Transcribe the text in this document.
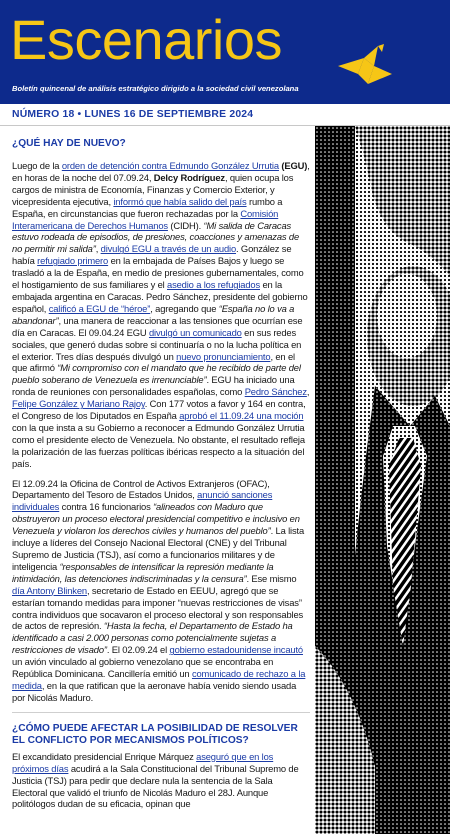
Escenarios
Boletín quincenal de análisis estratégico dirigido a la sociedad civil venezolana
NÚMERO 18 • LUNES 16 DE SEPTIEMBRE 2024
¿QUÉ HAY DE NUEVO?

Luego de la orden de detención contra Edmundo González Urrutia (EGU), en horas de la noche del 07.09.24, Delcy Rodríguez, quien ocupa los cargos de ministra de Economía, Finanzas y Comercio Exterior, y vicepresidenta ejecutiva, informó que había salido del país rumbo a España, en circunstancias que fueron rechazadas por la Comisión Interamericana de Derechos Humanos (CIDH). “Mi salida de Caracas estuvo rodeada de episodios, de presiones, coacciones y amenazas de no permitir mi salida”, divulgó EGU a través de un audio. González se había refugiado primero en la embajada de Países Bajos y luego se trasladó a la de España, en medio de presiones gubernamentales, como el hostigamiento de sus familiares y el asedio a los refugiados en la embajada argentina en Caracas. Pedro Sánchez, presidente del gobierno español, calificó a EGU de “héroe”, agregando que “España no lo va a abandonar”, una manera de reaccionar a las tensiones que ocurrían ese día en Caracas. El 09.04.24 EGU divulgó un comunicado en sus redes sociales, que generó dudas sobre si continuaría o no la lucha política en el exterior. Tres días después divulgó un nuevo pronunciamiento, en el que afirmó “Mi compromiso con el mandato que he recibido de parte del pueblo soberano de Venezuela es irrenunciable”. EGU ha iniciado una ronda de reuniones con personalidades españolas, como Pedro Sánchez, Felipe González y Mariano Rajoy. Con 177 votos a favor y 164 en contra, el Congreso de los Diputados en España aprobó el 11.09.24 una moción con la que insta a su Gobierno a reconocer a Edmundo González Urrutia como el presidente electo de Venezuela. No obstante, el resultado refleja la polarización de las fuerzas políticas ibéricas respecto a la situación del país.

El 12.09.24 la Oficina de Control de Activos Extranjeros (OFAC), Departamento del Tesoro de Estados Unidos, anunció sanciones individuales contra 16 funcionarios “alineados con Maduro que obstruyeron un proceso electoral presidencial competitivo e inclusivo en Venezuela y violaron los derechos civiles y humanos del pueblo”. La lista incluye a líderes del Consejo Nacional Electoral (CNE) y del Tribunal Supremo de Justicia (TSJ), así como a funcionarios militares y de inteligencia “responsables de intensificar la represión mediante la intimidación, las detenciones indiscriminadas y la censura”. Ese mismo día Antony Blinken, secretario de Estado en EEUU, agregó que se estarían tomando medidas para imponer “nuevas restricciones de visas” contra individuos que socavaron el proceso electoral y son responsables de actos de represión. “Hasta la fecha, el Departamento de Estado ha identificado a casi 2.000 personas como potencialmente sujetas a restricciones de visado”. El 02.09.24 el gobierno estadounidense incautó un avión vinculado al gobierno venezolano que se encontraba en República Dominicana. Cancillería emitió un comunicado de rechazo a la medida, en la que ratifican que la aeronave había venido siendo usada por Nicolás Maduro.

¿CÓMO PUEDE AFECTAR LA POSIBILIDAD DE RESOLVER EL CONFLICTO POR MECANISMOS POLÍTICOS?

El excandidato presidencial Enrique Márquez aseguró que en los próximos días acudirá a la Sala Constitucional del Tribunal Supremo de Justicia (TSJ) para pedir que declare nula la sentencia de la Sala Electoral que validó el triunfo de Nicolás Maduro el 28J. Aunque politólogos dudan de su eficacia, opinan que
